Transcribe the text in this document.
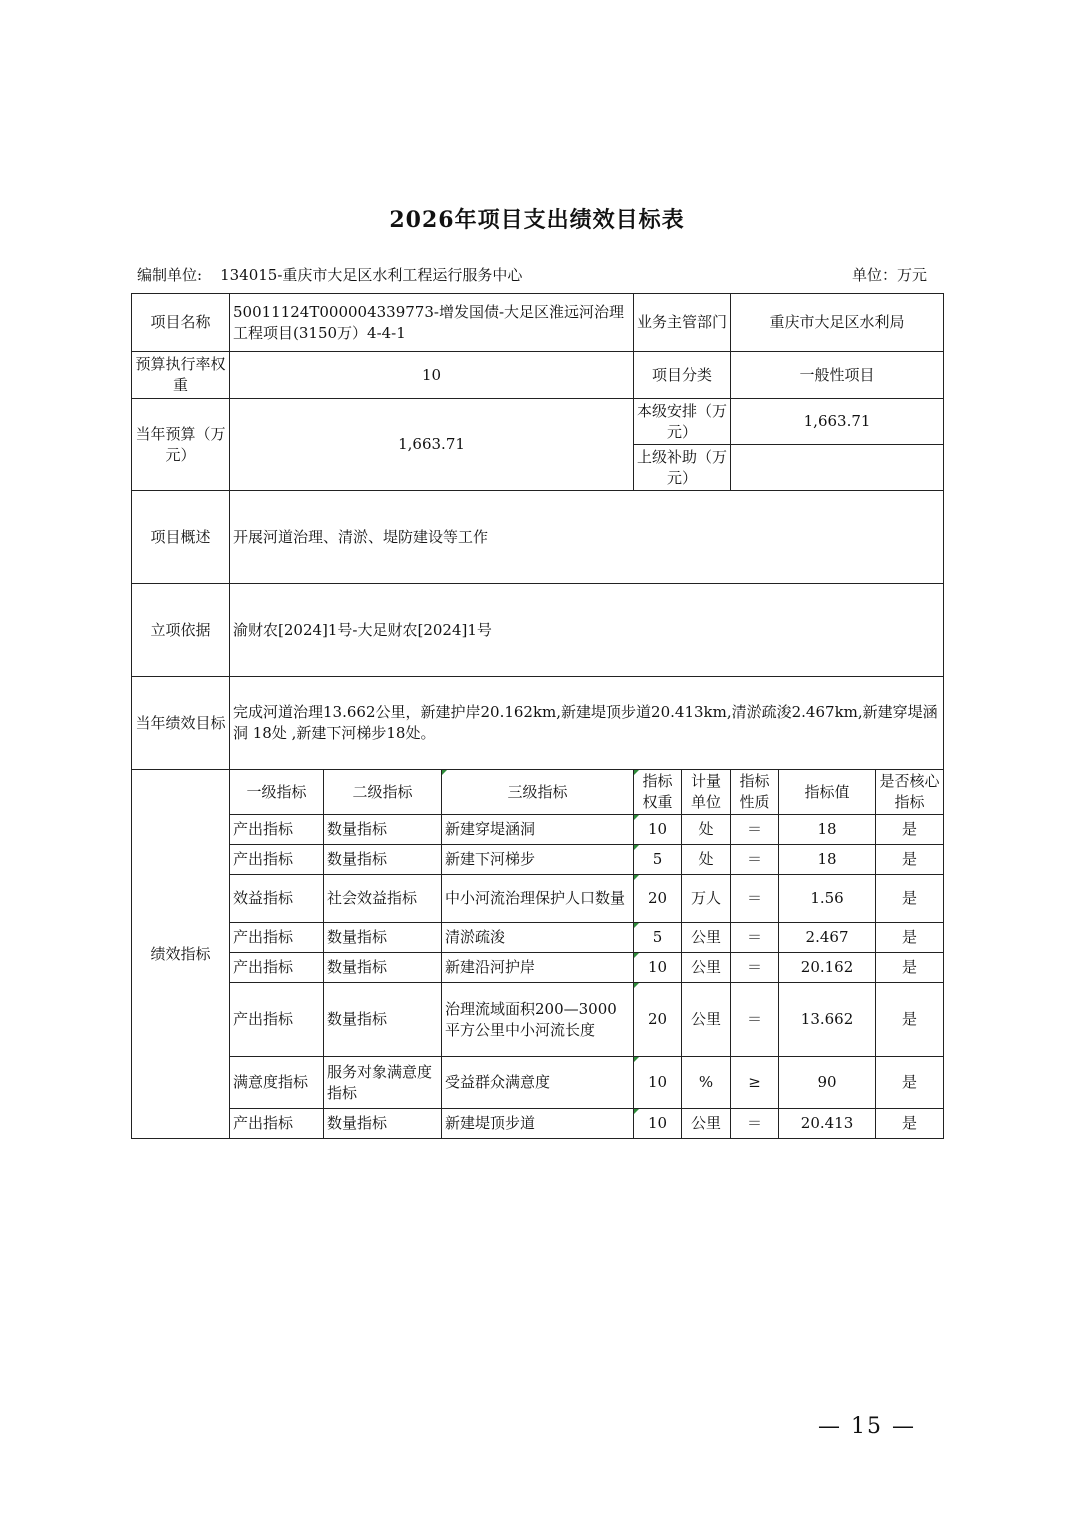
2026年项目支出绩效目标表
编制单位: 134015-重庆市大足区水利工程运行服务中心	单位：万元
项目名称	50011124T000004339773-增发国债-大足区淮远河治理工程项目(3150万）4-4-1			业务主管部门		重庆市大足区水利局		
预算执行率权重	10			项目分类		一般性项目		
当年预算（万元）	1,663.71			本级安排（万元）		1,663.71		
				上级补助（万元）				
项目概述	开展河道治理、清淤、堤防建设等工作							
立项依据	渝财农[2024]1号-大足财农[2024]1号							
当年绩效目标	完成河道治理13.662公里，新建护岸20.162km,新建堤顶步道20.413km,清淤疏浚2.467km,新建穿堤涵洞 18处 ,新建下河梯步18处。							
绩效指标	一级指标	二级指标	三级指标	指标权重	计量单位	指标性质	指标值	是否核心指标
	产出指标	数量指标	新建穿堤涵洞	10	处	＝	18	是
	产出指标	数量指标	新建下河梯步	5	处	＝	18	是
	效益指标	社会效益指标	中小河流治理保护人口数量	20	万人	＝	1.56	是
	产出指标	数量指标	清淤疏浚	5	公里	＝	2.467	是
	产出指标	数量指标	新建沿河护岸	10	公里	＝	20.162	是
	产出指标	数量指标	治理流域面积200—3000平方公里中小河流长度	20	公里	＝	13.662	是
	满意度指标	服务对象满意度指标	受益群众满意度	10	%	≥	90	是
	产出指标	数量指标	新建堤顶步道	10	公里	＝	20.413	是
— 15 —
